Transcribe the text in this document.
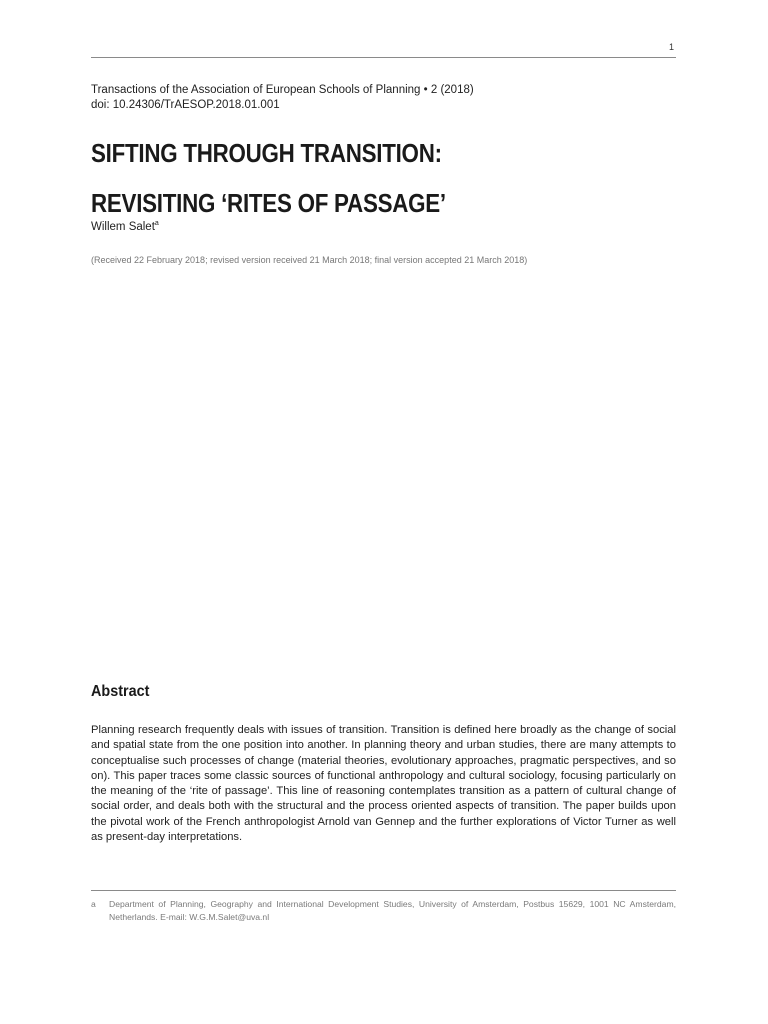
1
Transactions of the Association of European Schools of Planning • 2 (2018)
doi: 10.24306/TrAESOP.2018.01.001
SIFTING THROUGH TRANSITION:
REVISITING ‘RITES OF PASSAGE’
Willem Salet$^a$
(Received 22 February 2018; revised version received 21 March 2018; final version accepted 21 March 2018)
Abstract

Planning research frequently deals with issues of transition. Transition is defined here broadly as the change of social and spatial state from the one position into another. In planning theory and urban studies, there are many attempts to conceptualise such processes of change (material theories, evolutionary approaches, pragmatic perspectives, and so on). This paper traces some classic sources of functional anthropology and cultural sociology, focusing particularly on the meaning of the ‘rite of passage’. This line of reasoning contemplates transition as a pattern of cultural change of social order, and deals both with the structural and the process oriented aspects of transition. The paper builds upon the pivotal work of the French anthropologist Arnold van Gennep and the further explorations of Victor Turner as well as present-day interpretations.

a Department of Planning, Geography and International Development Studies, University of Amsterdam, Postbus 15629, 1001 NC Amsterdam, Netherlands. E-mail: W.G.M.Salet@uva.nl
